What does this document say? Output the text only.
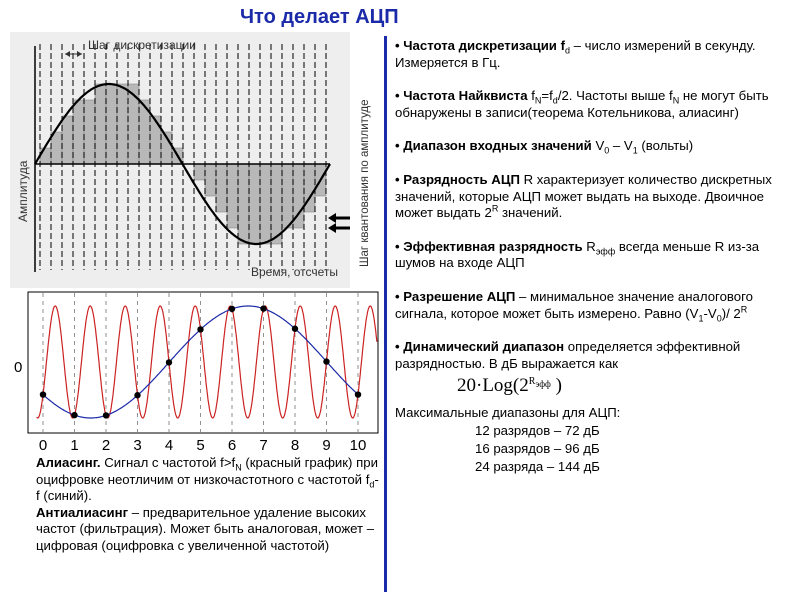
Что делает АЦП
Шаг дискретизации
Амплитуда
Время, отсчеты
Шаг квантования по амплитуде
0 1 2 3 4 5 6 7 8 9 10
0
Алиасинг. Сигнал с частотой $f>f_N$ (красный график) при оцифровке неотличим от низкочастотного с частотой $f_d-f$ (синий).
Антиалиасинг – предварительное удаление высоких частот (фильтрация). Может быть аналоговая, может – цифровая (оцифровка с увеличенной частотой)

• Частота дискретизации $f_d$ – число измерений в секунду. Измеряется в Гц.

• Частота Найквиста $f_N=f_d/2$. Частоты выше $f_N$ не могут быть обнаружены в записи(теорема Котельникова, алиасинг)

• Диапазон входных значений $V_0 - V_1$ (вольты)

• Разрядность АЦП R характеризует количество дискретных значений, которые АЦП может выдать на выходе. Двоичное может выдать $2^R$ значений.

• Эффективная разрядность $R_{эфф}$ всегда меньше R из-за шумов на входе АЦП

• Разрешение АЦП – минимальное значение аналогового сигнала, которое может быть измерено. Равно $(V_1-V_0)/$ $2^R$

• Динамический диапазон определяется эффективной разрядностью. В дБ выражается как

$20\cdot Log(2^{R_{эфф}}$ )
Максимальные диапазоны для АЦП:
12 разрядов – 72 дБ
16 разрядов – 96 дБ
24 разряда – 144 дБ
